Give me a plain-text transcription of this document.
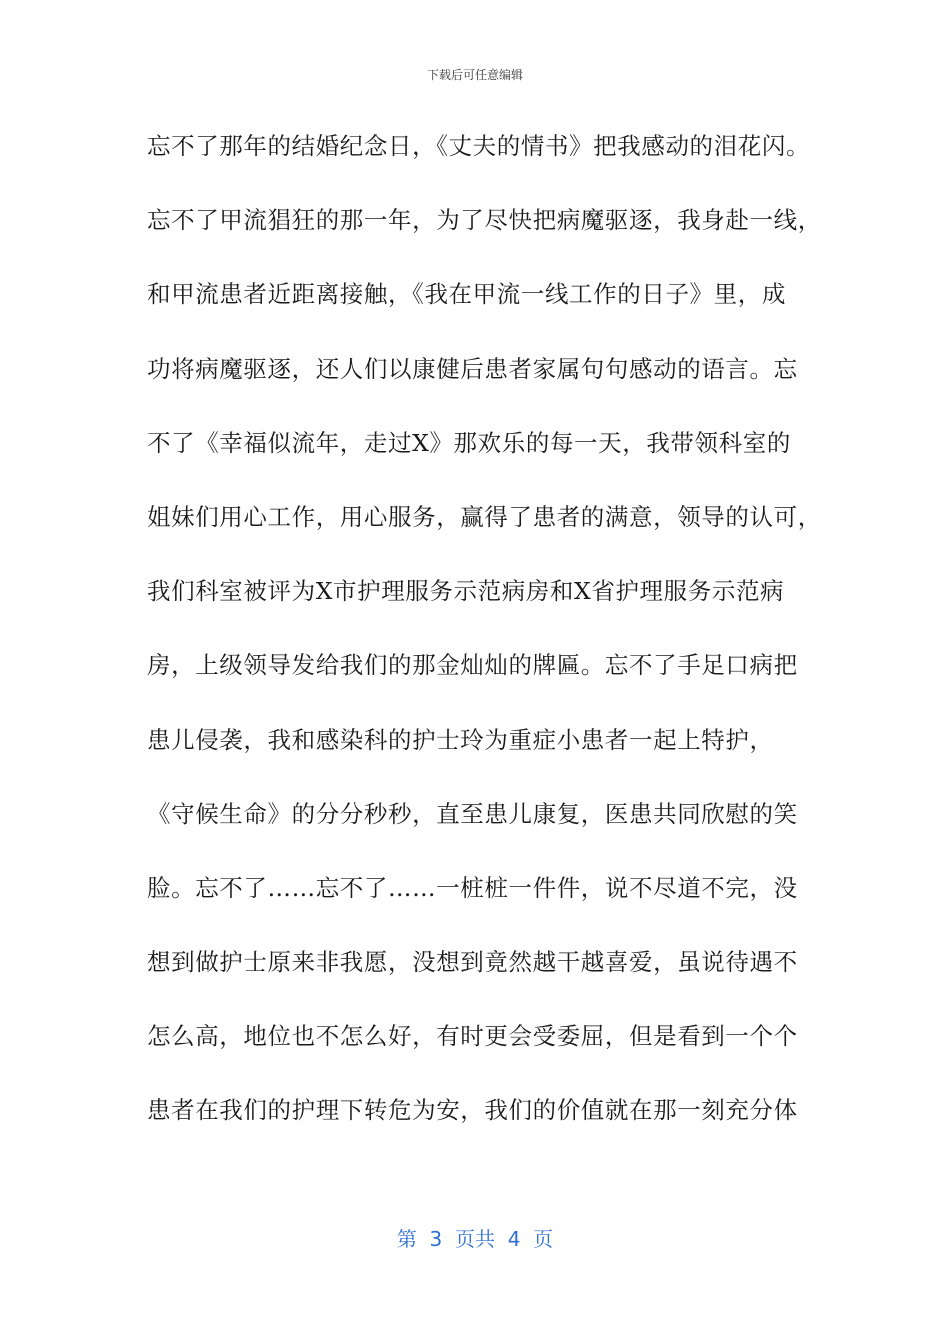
下载后可任意编辑
忘不了那年的结婚纪念日，《丈夫的情书》把我感动的泪花闪。
忘不了甲流猖狂的那一年，为了尽快把病魔驱逐，我身赴一线，
和甲流患者近距离接触，《我在甲流一线工作的日子》里，成
功将病魔驱逐，还人们以康健后患者家属句句感动的语言。忘
不了《幸福似流年，走过X》那欢乐的每一天，我带领科室的
姐妹们用心工作，用心服务，赢得了患者的满意，领导的认可，
我们科室被评为X市护理服务示范病房和X省护理服务示范病
房，上级领导发给我们的那金灿灿的牌匾。忘不了手足口病把
患儿侵袭，我和感染科的护士玲为重症小患者一起上特护，
《守候生命》的分分秒秒，直至患儿康复，医患共同欣慰的笑
脸。忘不了……忘不了……一桩桩一件件，说不尽道不完，没
想到做护士原来非我愿，没想到竟然越干越喜爱，虽说待遇不
怎么高，地位也不怎么好，有时更会受委屈，但是看到一个个
患者在我们的护理下转危为安，我们的价值就在那一刻充分体
第  3  页共  4  页
